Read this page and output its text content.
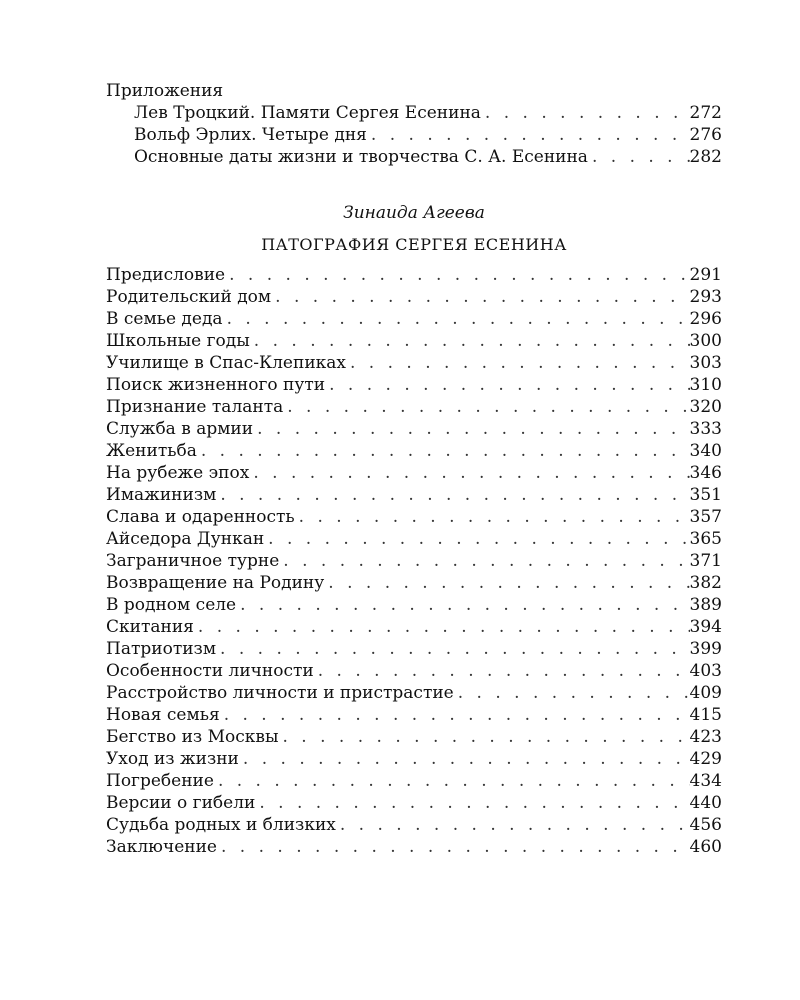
Приложения
Лев Троцкий. Памяти Сергея Есенина . . .	272
Вольф Эрлих. Четыре дня . . .	276
Основные даты жизни и творчества С. А. Есенина . . .	282
Зинаида Агеева
ПАТОГРАФИЯ СЕРГЕЯ ЕСЕНИНА
Предисловие . . .	291
Родительский дом . . .	293
В семье деда . . .	296
Школьные годы . . .	300
Училище в Спас-Клепиках . . .	303
Поиск жизненного пути . . .	310
Признание таланта . . .	320
Служба в армии . . .	333
Женитьба . . .	340
На рубеже эпох . . .	346
Имажинизм . . .	351
Слава и одаренность . . .	357
Айседора Дункан . . .	365
Заграничное турне . . .	371
Возвращение на Родину . . .	382
В родном селе . . .	389
Скитания . . .	394
Патриотизм . . .	399
Особенности личности . . .	403
Расстройство личности и пристрастие . . .	409
Новая семья . . .	415
Бегство из Москвы . . .	423
Уход из жизни . . .	429
Погребение . . .	434
Версии о гибели . . .	440
Судьба родных и близких . . .	456
Заключение . . .	460
